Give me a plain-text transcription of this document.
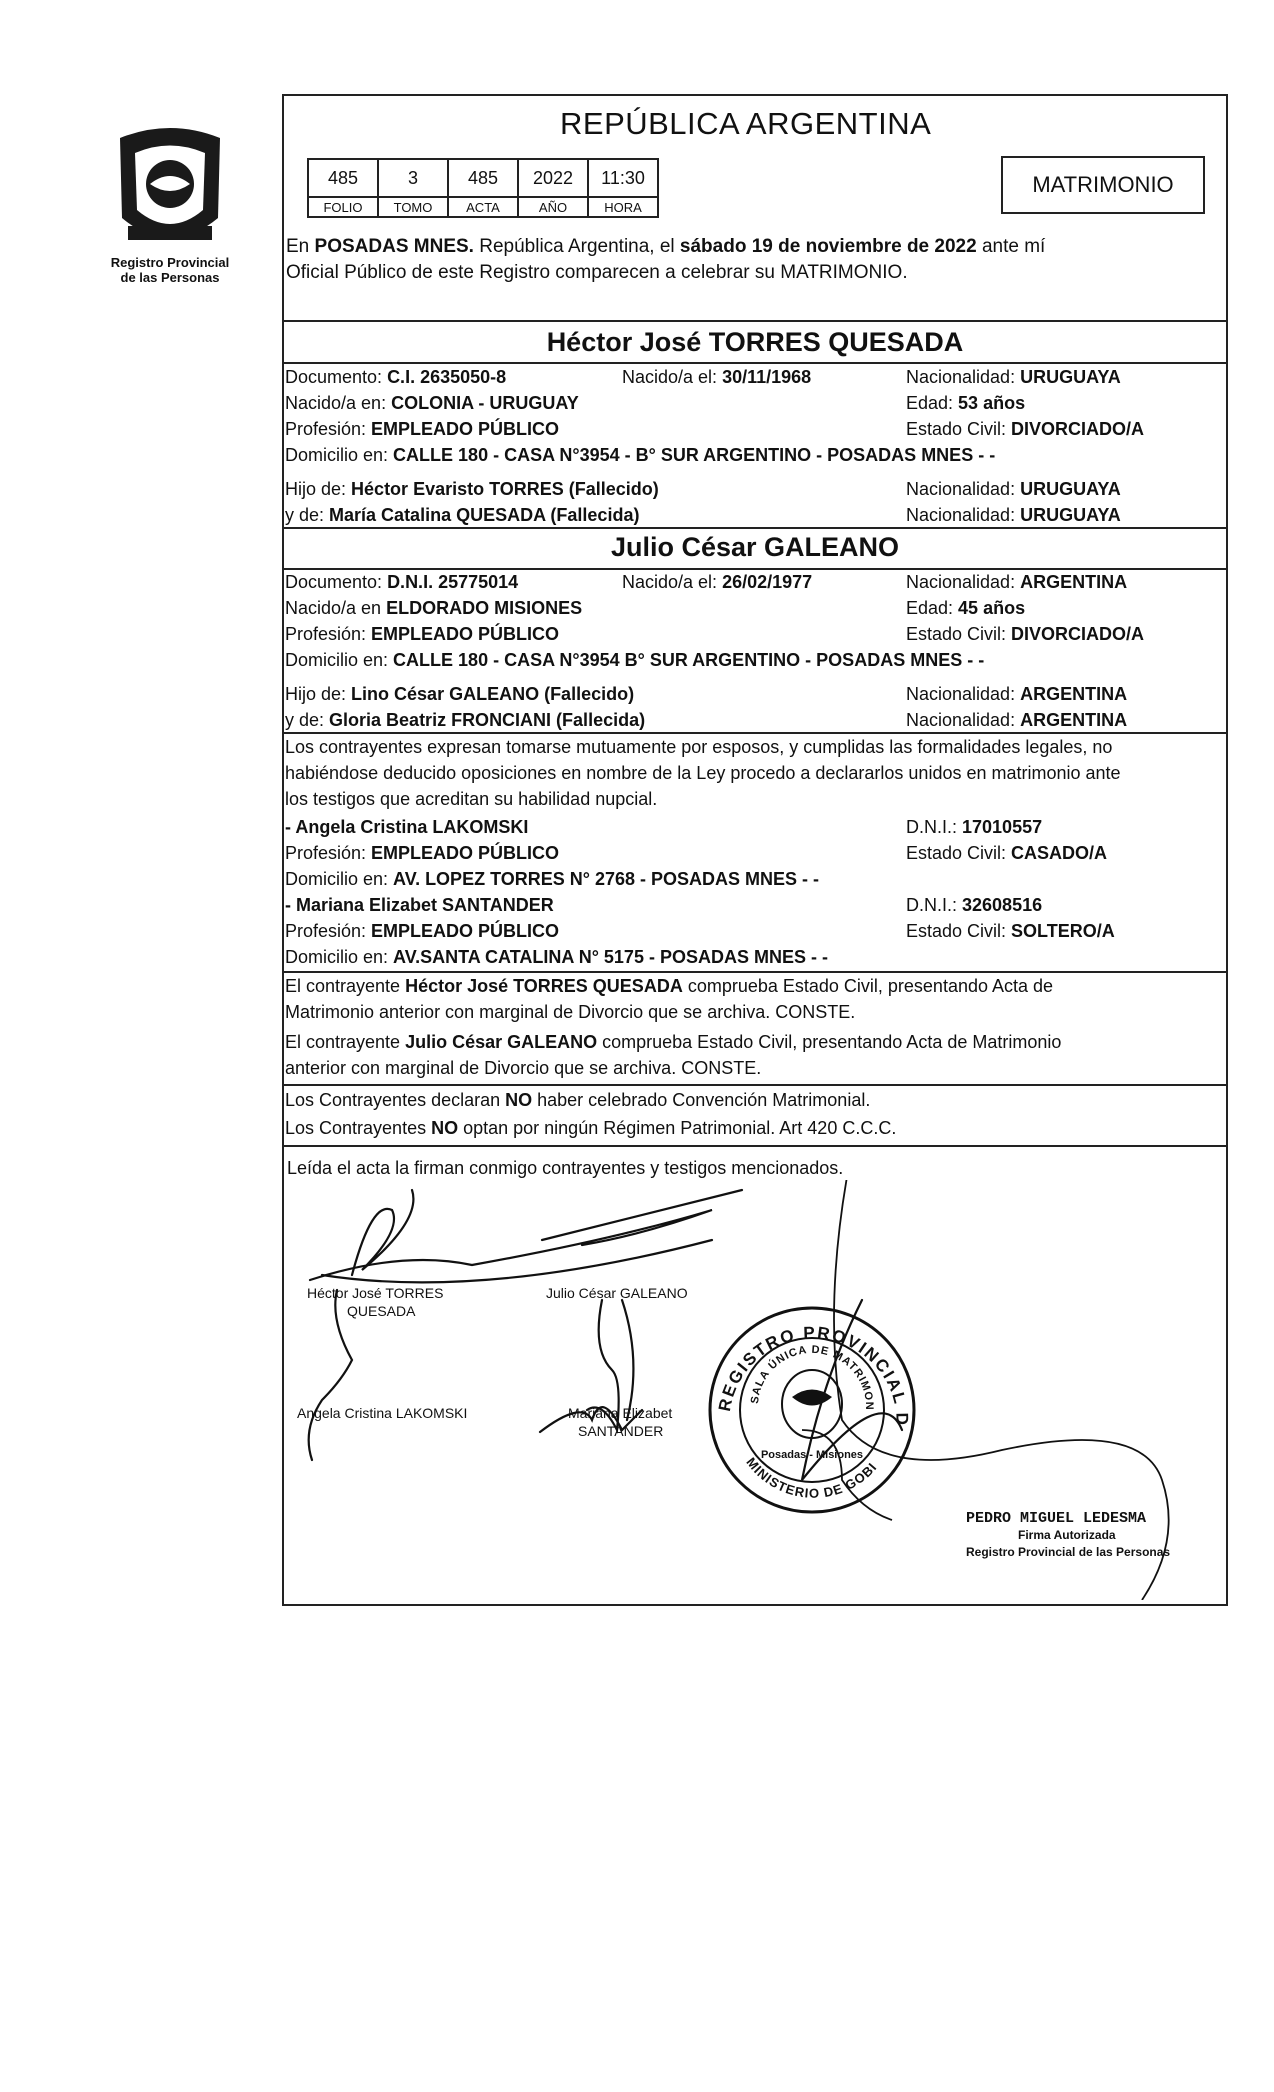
Registro Provincial
de las Personas
REPÚBLICA ARGENTINA
485	3	485	2022	11:30
FOLIO	TOMO	ACTA	AÑO	HORA
MATRIMONIO
En POSADAS MNES. República Argentina, el sábado 19 de noviembre de 2022 ante mí
Oficial Público de este Registro comparecen a celebrar su MATRIMONIO.
Héctor José TORRES QUESADA
Documento: C.I. 2635050-8	Nacido/a el: 30/11/1968	Nacionalidad: URUGUAYA
Nacido/a en: COLONIA - URUGUAY	Edad: 53 años
Profesión: EMPLEADO PÚBLICO	Estado Civil: DIVORCIADO/A
Domicilio en: CALLE 180 - CASA N°3954 - B° SUR ARGENTINO - POSADAS MNES - -
Hijo de: Héctor Evaristo TORRES (Fallecido)	Nacionalidad: URUGUAYA
y de: María Catalina QUESADA (Fallecida)	Nacionalidad: URUGUAYA
Julio César GALEANO
Documento: D.N.I. 25775014	Nacido/a el: 26/02/1977	Nacionalidad: ARGENTINA
Nacido/a en ELDORADO MISIONES	Edad: 45 años
Profesión: EMPLEADO PÚBLICO	Estado Civil: DIVORCIADO/A
Domicilio en: CALLE 180 - CASA N°3954 B° SUR ARGENTINO - POSADAS MNES - -
Hijo de: Lino César GALEANO (Fallecido)	Nacionalidad: ARGENTINA
y de: Gloria Beatriz FRONCIANI (Fallecida)	Nacionalidad: ARGENTINA
Los contrayentes expresan tomarse mutuamente por esposos, y cumplidas las formalidades legales, no
habiéndose deducido oposiciones en nombre de la Ley procedo a declararlos unidos en matrimonio ante
los testigos que acreditan su habilidad nupcial.
- Angela Cristina LAKOMSKI	D.N.I.: 17010557
Profesión: EMPLEADO PÚBLICO	Estado Civil: CASADO/A
Domicilio en: AV. LOPEZ TORRES N° 2768 - POSADAS MNES - -
- Mariana Elizabet SANTANDER	D.N.I.: 32608516
Profesión: EMPLEADO PÚBLICO	Estado Civil: SOLTERO/A
Domicilio en: AV.SANTA CATALINA N° 5175 - POSADAS MNES - -
El contrayente Héctor José TORRES QUESADA comprueba Estado Civil, presentando Acta de
Matrimonio anterior con marginal de Divorcio que se archiva. CONSTE.
El contrayente Julio César GALEANO comprueba Estado Civil, presentando Acta de Matrimonio
anterior con marginal de Divorcio que se archiva. CONSTE.
Los Contrayentes declaran NO haber celebrado Convención Matrimonial.
Los Contrayentes NO optan por ningún Régimen Patrimonial. Art 420 C.C.C.
Leída el acta la firman conmigo contrayentes y testigos mencionados.
Héctor José TORRES
QUESADA
Julio César GALEANO
Angela Cristina LAKOMSKI	Mariana Elizabet
SANTANDER
REGISTRO PROVINCIAL D
SALA ÚNICA DE MATRIMON
MINISTERIO DE GOBI
Posadas - Misiones
PEDRO MIGUEL LEDESMA
Firma Autorizada
Registro Provincial de las Personas
